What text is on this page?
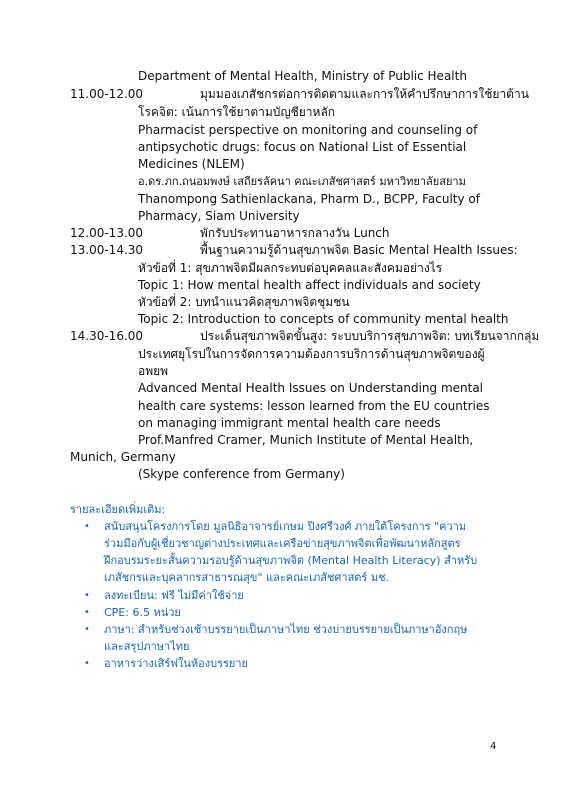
Department of Mental Health, Ministry of Public Health
11.00-12.00	มุมมองเภสัชกรต่อการติดตามและการให้คำปรึกษาการใช้ยาต้าน
โรคจิต: เน้นการใช้ยาตามบัญชียาหลัก
Pharmacist perspective on monitoring and counseling of
antipsychotic drugs: focus on National List of Essential
Medicines (NLEM)
อ.ดร.ภก.ถนอมพงษ์ เสถียรลัคนา คณะเภสัชศาสตร์ มหาวิทยาลัยสยาม
Thanompong Sathienlackana, Pharm D., BCPP, Faculty of
Pharmacy, Siam University
12.00-13.00	พักรับประทานอาหารกลางวัน Lunch
13.00-14.30	พื้นฐานความรู้ด้านสุขภาพจิต Basic Mental Health Issues:
หัวข้อที่ 1: สุขภาพจิตมีผลกระทบต่อบุคคลและสังคมอย่างไร
Topic 1: How mental health affect individuals and society
หัวข้อที่ 2: บทนำแนวคิดสุขภาพจิตชุมชน
Topic 2: Introduction to concepts of community mental health
14.30-16.00	ประเด็นสุขภาพจิตขั้นสูง: ระบบบริการสุขภาพจิต: บทเรียนจากกลุ่ม
ประเทศยุโรปในการจัดการความต้องการบริการด้านสุขภาพจิตของผู้
อพยพ
Advanced Mental Health Issues on Understanding mental
health care systems: lesson learned from the EU countries
on managing immigrant mental health care needs
Prof.Manfred Cramer, Munich Institute of Mental Health,
Munich, Germany
(Skype conference from Germany)
รายละเอียดเพิ่มเติม:
• สนับสนุนโครงการโดย มูลนิธิอาจารย์เกษม ปิงศรีวงศ์ ภายใต้โครงการ "ความ
ร่วมมือกับผู้เชี่ยวชาญต่างประเทศและเครือข่ายสุขภาพจิตเพื่อพัฒนาหลักสูตร
ฝึกอบรมระยะสั้นความรอบรู้ด้านสุขภาพจิต (Mental Health Literacy) สำหรับ
เภสัชกรและบุคลากรสาธารณสุข" และคณะเภสัชศาสตร์ มช.
• ลงทะเบียน: ฟรี ไม่มีค่าใช้จ่าย
• CPE: 6.5 หน่วย
• ภาษา: สำหรับช่วงเช้าบรรยายเป็นภาษาไทย ช่วงบ่ายบรรยายเป็นภาษาอังกฤษ
และสรุปภาษาไทย
• อาหารว่างเสิร์ฟในห้องบรรยาย
4
